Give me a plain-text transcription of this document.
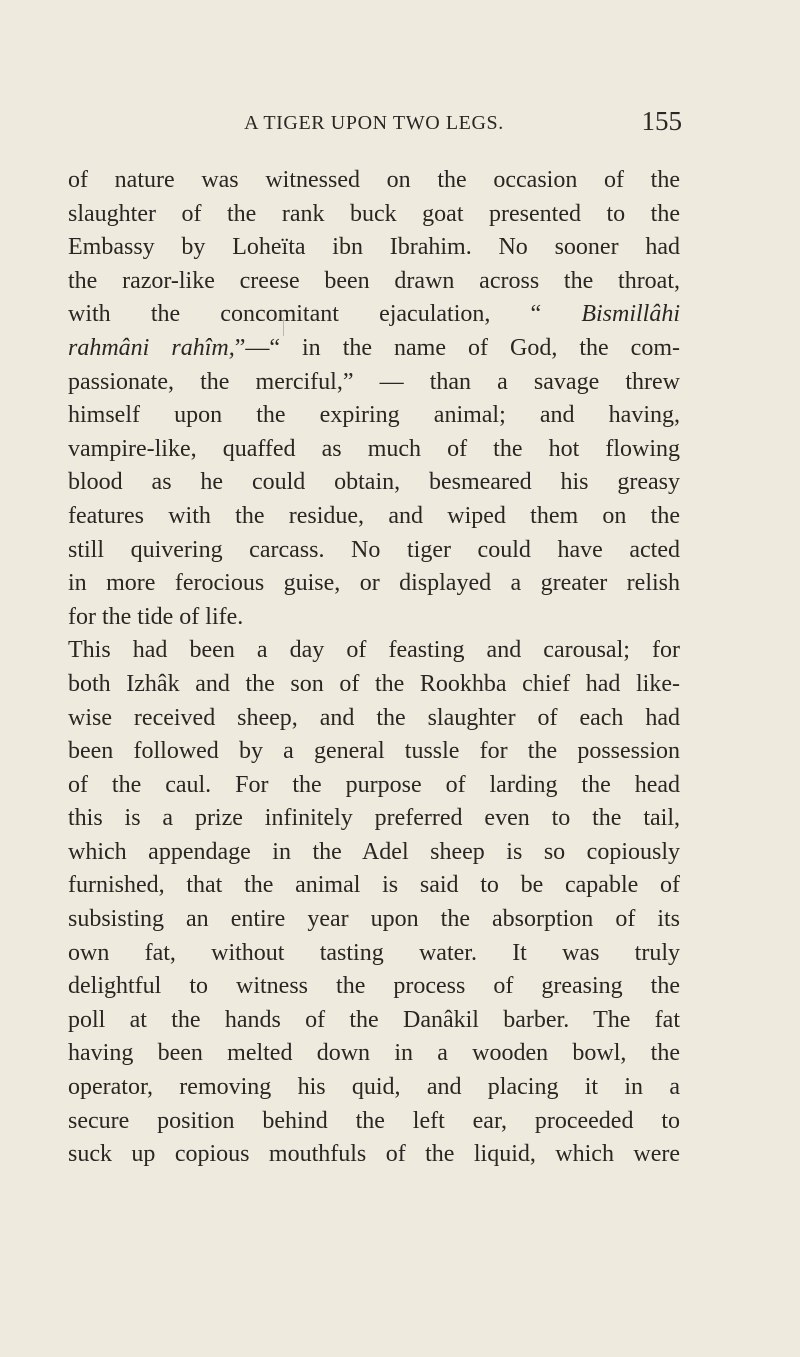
A TIGER UPON TWO LEGS.	155
of nature was witnessed on the occasion of the
slaughter of the rank buck goat presented to the
Embassy by Loheïta ibn Ibrahim. No sooner had
the razor-like creese been drawn across the throat,
with the concomitant ejaculation, “ Bismillâhi
rahmâni rahîm,”—“ in the name of God, the com-
passionate, the merciful,” — than a savage threw
himself upon the expiring animal; and having,
vampire-like, quaffed as much of the hot flowing
blood as he could obtain, besmeared his greasy
features with the residue, and wiped them on the
still quivering carcass. No tiger could have acted
in more ferocious guise, or displayed a greater relish
for the tide of life.
This had been a day of feasting and carousal; for
both Izhâk and the son of the Rookhba chief had like-
wise received sheep, and the slaughter of each had
been followed by a general tussle for the possession
of the caul. For the purpose of larding the head
this is a prize infinitely preferred even to the tail,
which appendage in the Adel sheep is so copiously
furnished, that the animal is said to be capable of
subsisting an entire year upon the absorption of its
own fat, without tasting water. It was truly
delightful to witness the process of greasing the
poll at the hands of the Danâkil barber. The fat
having been melted down in a wooden bowl, the
operator, removing his quid, and placing it in a
secure position behind the left ear, proceeded to
suck up copious mouthfuls of the liquid, which were
